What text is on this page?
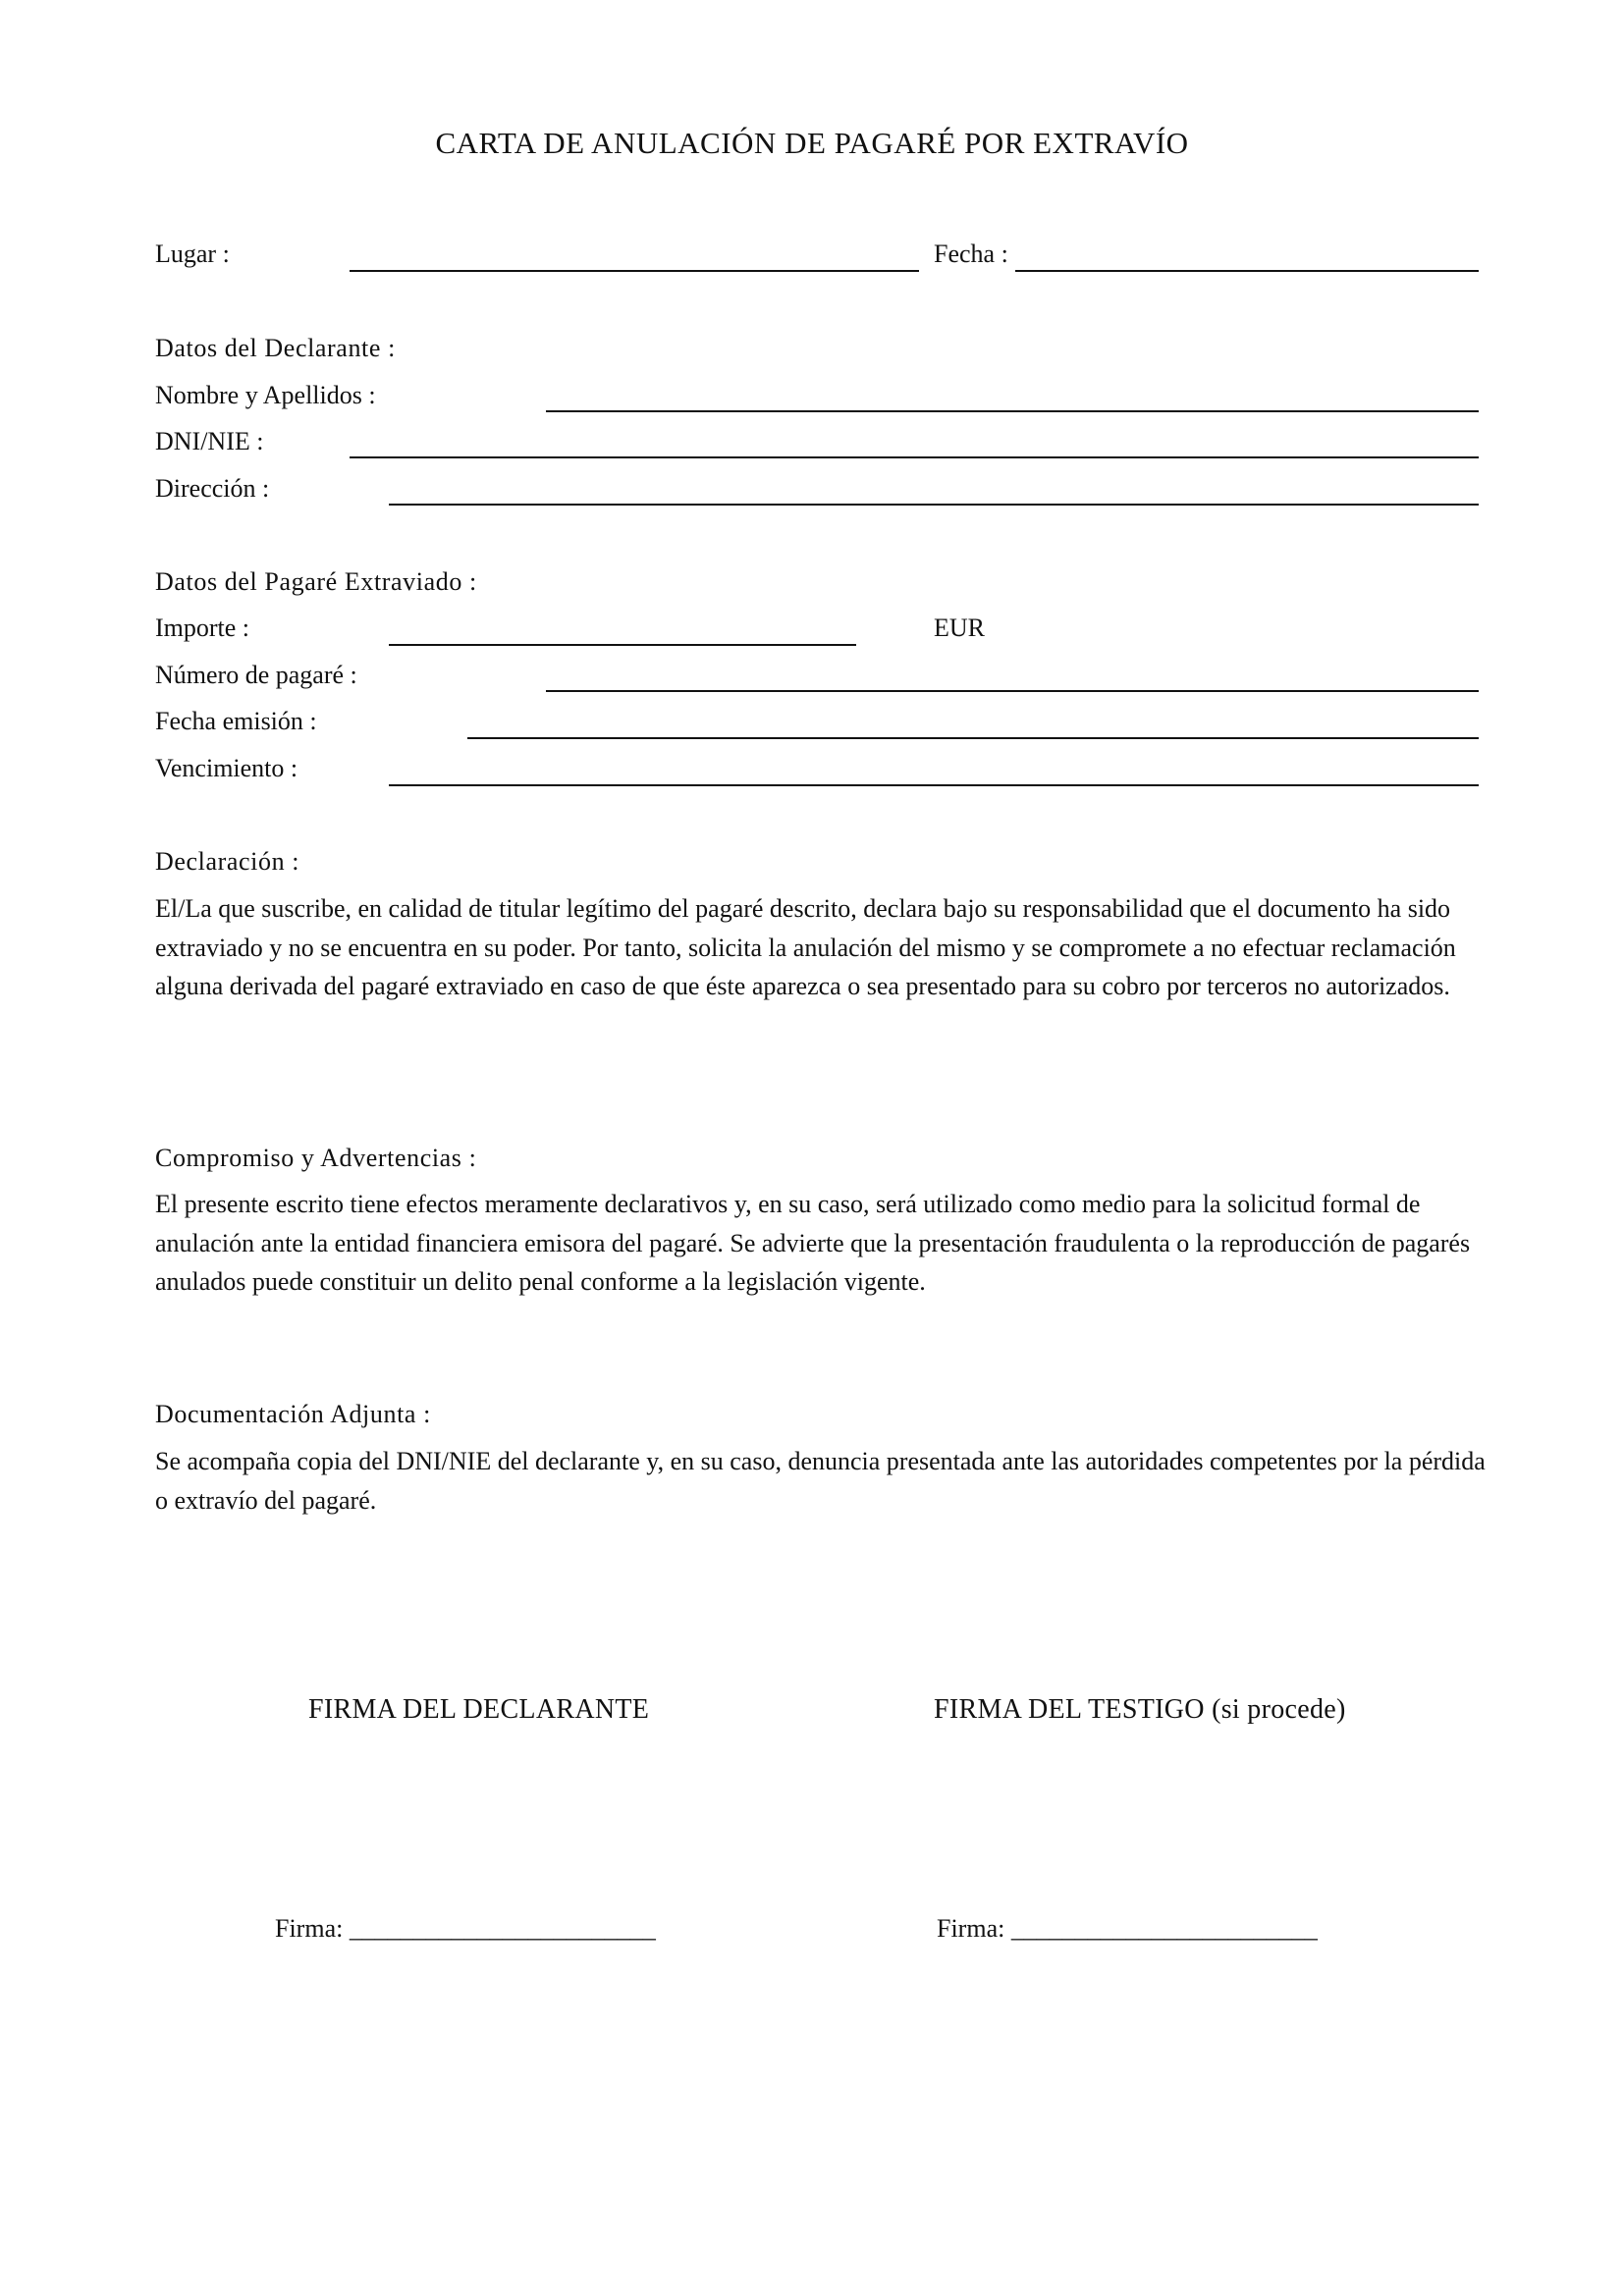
CARTA DE ANULACIÓN DE PAGARÉ POR EXTRAVÍO
Lugar :	Fecha :
Datos del Declarante :
Nombre y Apellidos :
DNI/NIE :
Dirección :
Datos del Pagaré Extraviado :
Importe :	EUR
Número de pagaré :
Fecha emisión :
Vencimiento :
Declaración :
El/La que suscribe, en calidad de titular legítimo del pagaré descrito, declara bajo su responsabilidad que el documento ha sido extraviado y no se encuentra en su poder. Por tanto, solicita la anulación del mismo y se compromete a no efectuar reclamación alguna derivada del pagaré extraviado en caso de que éste aparezca o sea presentado para su cobro por terceros no autorizados.
Compromiso y Advertencias :
El presente escrito tiene efectos meramente declarativos y, en su caso, será utilizado como medio para la solicitud formal de anulación ante la entidad financiera emisora del pagaré. Se advierte que la presentación fraudulenta o la reproducción de pagarés anulados puede constituir un delito penal conforme a la legislación vigente.
Documentación Adjunta :
Se acompaña copia del DNI/NIE del declarante y, en su caso, denuncia presentada ante las autoridades competentes por la pérdida o extravío del pagaré.
FIRMA DEL DECLARANTE	FIRMA DEL TESTIGO (si procede)
Firma: ________________________	Firma: ________________________
